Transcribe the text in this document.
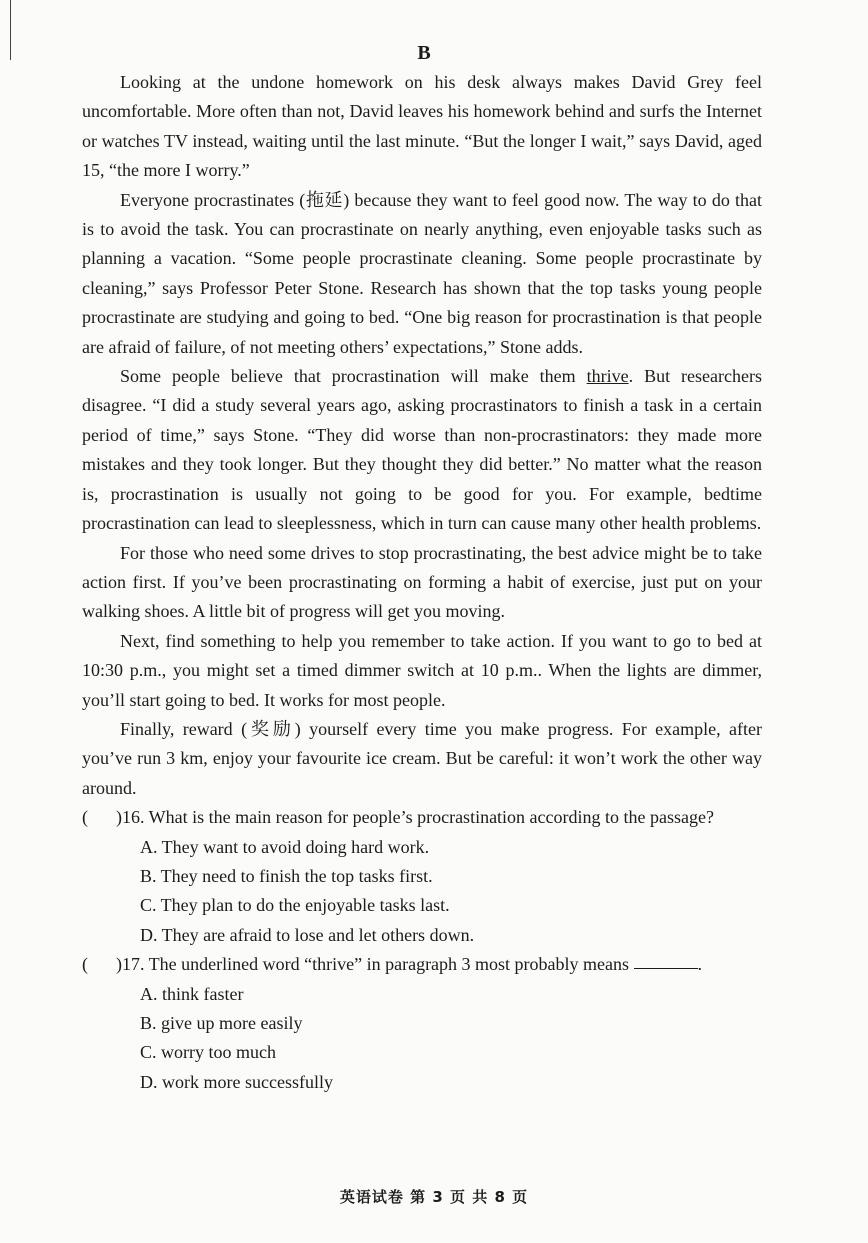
B

Looking at the undone homework on his desk always makes David Grey feel uncomfortable. More often than not, David leaves his homework behind and surfs the Internet or watches TV instead, waiting until the last minute. “But the longer I wait,” says David, aged 15, “the more I worry.”

Everyone procrastinates (拖延) because they want to feel good now. The way to do that is to avoid the task. You can procrastinate on nearly anything, even enjoyable tasks such as planning a vacation. “Some people procrastinate cleaning. Some people procrastinate by cleaning,” says Professor Peter Stone. Research has shown that the top tasks young people procrastinate are studying and going to bed. “One big reason for procrastination is that people are afraid of failure, of not meeting others’ expectations,” Stone adds.

Some people believe that procrastination will make them thrive. But researchers disagree. “I did a study several years ago, asking procrastinators to finish a task in a certain period of time,” says Stone. “They did worse than non-procrastinators: they made more mistakes and they took longer. But they thought they did better.” No matter what the reason is, procrastination is usually not going to be good for you. For example, bedtime procrastination can lead to sleeplessness, which in turn can cause many other health problems.

For those who need some drives to stop procrastinating, the best advice might be to take action first. If you’ve been procrastinating on forming a habit of exercise, just put on your walking shoes. A little bit of progress will get you moving.

Next, find something to help you remember to take action. If you want to go to bed at 10:30 p.m., you might set a timed dimmer switch at 10 p.m.. When the lights are dimmer, you’ll start going to bed. It works for most people.

Finally, reward (奖励) yourself every time you make progress. For example, after you’ve run 3 km, enjoy your favourite ice cream. But be careful: it won’t work the other way around.

(	) 16. What is the main reason for people’s procrastination according to the passage?

A. They want to avoid doing hard work.

B. They need to finish the top tasks first.

C. They plan to do the enjoyable tasks last.

D. They are afraid to lose and let others down.

(	) 17. The underlined word “thrive” in paragraph 3 most probably means
	.

A. think faster

B. give up more easily

C. worry too much

D. work more successfully

英语试卷 第 3 页 共 8 页
